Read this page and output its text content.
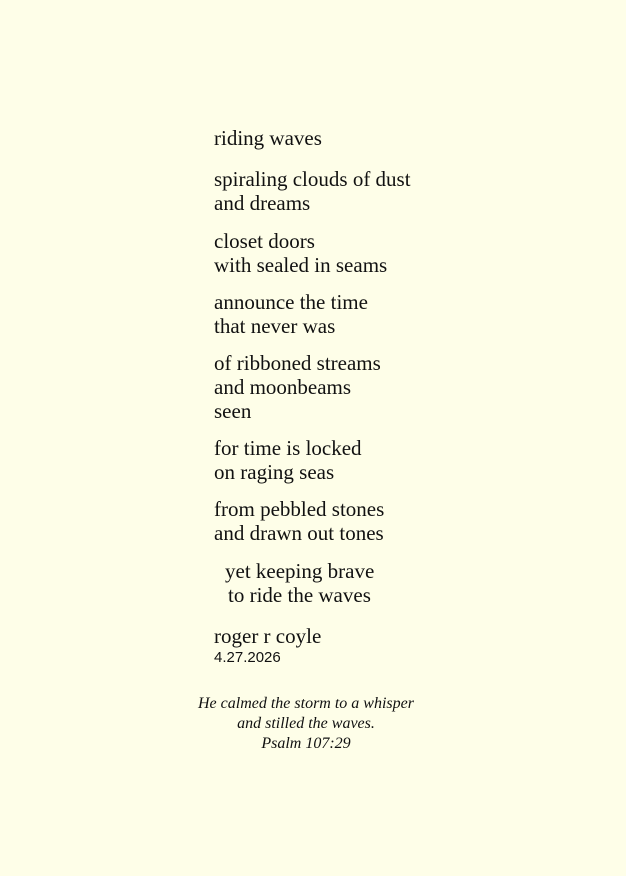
riding waves
spiraling clouds of dust
and dreams
closet doors
with sealed in seams
announce the time
that never was
of ribboned streams
and moonbeams
seen
for time is locked
on raging seas
from pebbled stones
and drawn out tones
yet keeping brave
to ride the waves
roger r coyle
4.27.2026
He calmed the storm to a whisper
and stilled the waves.
Psalm 107:29
